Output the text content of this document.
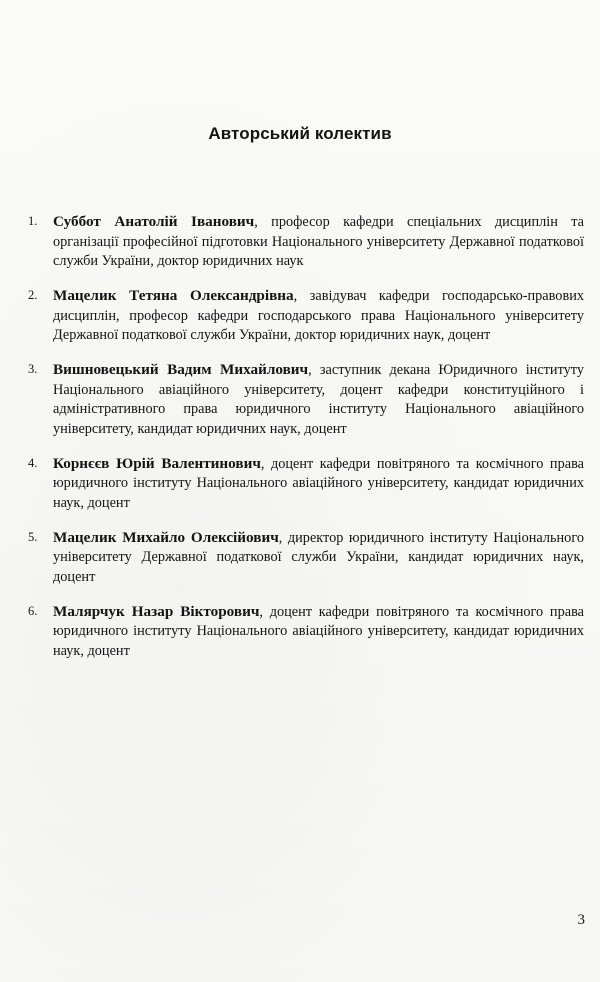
Авторський колектив
1. Суббот Анатолій Іванович, професор кафедри спеціальних дисциплін та організації професійної підготовки Національного університету Державної податкової служби України, доктор юридичних наук
2. Мацелик Тетяна Олександрівна, завідувач кафедри господарсько-правових дисциплін, професор кафедри господарського права Національного університету Державної податкової служби України, доктор юридичних наук, доцент
3. Вишновецький Вадим Михайлович, заступник декана Юридичного інституту Національного авіаційного університету, доцент кафедри конституційного і адміністративного права юридичного інституту Національного авіаційного університету, кандидат юридичних наук, доцент
4. Корнєєв Юрій Валентинович, доцент кафедри повітряного та космічного права юридичного інституту Національного авіаційного університету, кандидат юридичних наук, доцент
5. Мацелик Михайло Олексійович, директор юридичного інституту Національного університету Державної податкової служби України, кандидат юридичних наук, доцент
6. Малярчук Назар Вікторович, доцент кафедри повітряного та космічного права юридичного інституту Національного авіаційного університету, кандидат юридичних наук, доцент
3
